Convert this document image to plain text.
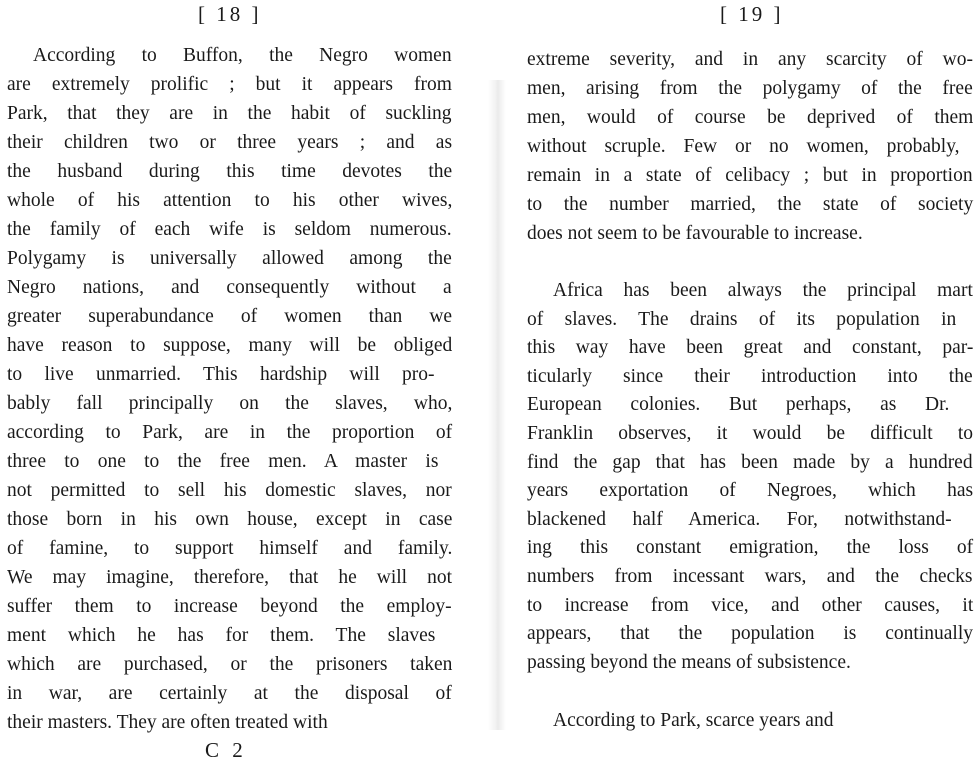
[ 18 ]
According to Buffon, the Negro women
are extremely prolific ; but it appears from
Park, that they are in the habit of suckling
their children two or three years ; and as
the husband during this time devotes the
whole of his attention to his other wives,
the family of each wife is seldom numerous.
Polygamy is universally allowed among the
Negro nations, and consequently without a
greater superabundance of women than we
have reason to suppose, many will be obliged
to live unmarried. This hardship will pro-
bably fall principally on the slaves, who,
according to Park, are in the proportion of
three to one to the free men. A master is
not permitted to sell his domestic slaves, nor
those born in his own house, except in case
of famine, to support himself and family.
We may imagine, therefore, that he will not
suffer them to increase beyond the employ-
ment which he has for them. The slaves
which are purchased, or the prisoners taken
in war, are certainly at the disposal of
their masters. They are often treated with
[ 19 ]
extreme severity, and in any scarcity of wo-
men, arising from the polygamy of the free
men, would of course be deprived of them
without scruple. Few or no women, probably,
remain in a state of celibacy ; but in proportion
to the number married, the state of society
does not seem to be favourable to increase.
Africa has been always the principal mart
of slaves. The drains of its population in
this way have been great and constant, par-
ticularly since their introduction into the
European colonies. But perhaps, as Dr.
Franklin observes, it would be difficult to
find the gap that has been made by a hundred
years exportation of Negroes, which has
blackened half America. For, notwithstand-
ing this constant emigration, the loss of
numbers from incessant wars, and the checks
to increase from vice, and other causes, it
appears, that the population is continually
passing beyond the means of subsistence.
According to Park, scarce years and
C 2
